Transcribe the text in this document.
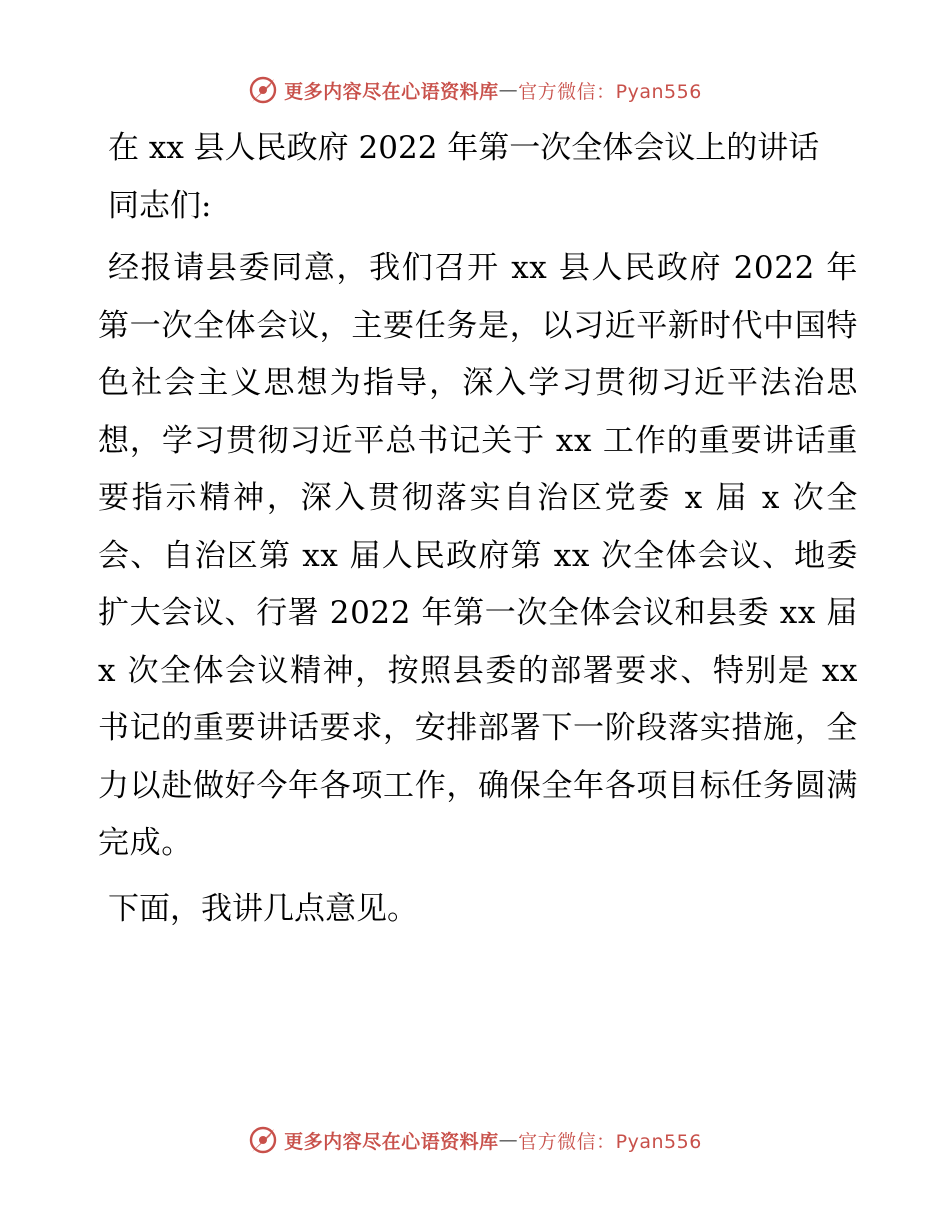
更多内容尽在心语资料库 — 官方微信：Pyan556
在 xx 县人民政府 2022 年第一次全体会议上的讲话

同志们:

经报请县委同意，我们召开 xx 县人民政府 2022 年第一次全体会议，主要任务是，以习近平新时代中国特色社会主义思想为指导，深入学习贯彻习近平法治思想，学习贯彻习近平总书记关于 xx 工作的重要讲话重要指示精神，深入贯彻落实自治区党委 x 届 x 次全会、自治区第 xx 届人民政府第 xx 次全体会议、地委扩大会议、行署 2022 年第一次全体会议和县委 xx 届 x 次全体会议精神，按照县委的部署要求、特别是 xx 书记的重要讲话要求，安排部署下一阶段落实措施，全力以赴做好今年各项工作，确保全年各项目标任务圆满完成。

下面，我讲几点意见。

更多内容尽在心语资料库 — 官方微信：Pyan556
